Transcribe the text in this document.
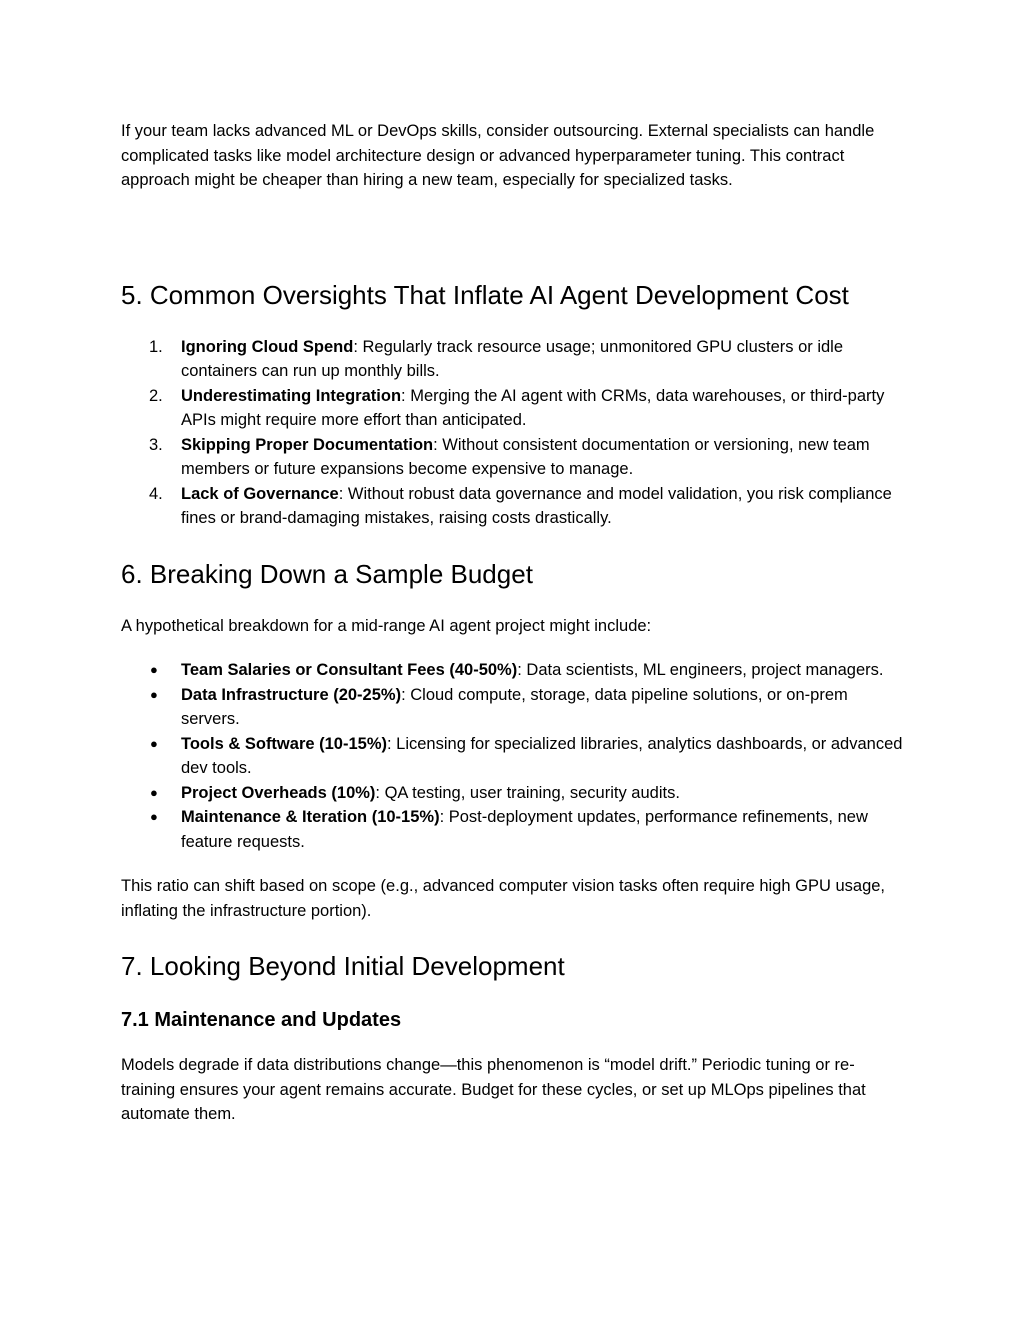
If your team lacks advanced ML or DevOps skills, consider outsourcing. External specialists can handle complicated tasks like model architecture design or advanced hyperparameter tuning. This contract approach might be cheaper than hiring a new team, especially for specialized tasks.

5. Common Oversights That Inflate AI Agent Development Cost
1. Ignoring Cloud Spend: Regularly track resource usage; unmonitored GPU clusters or idle containers can run up monthly bills.
2. Underestimating Integration: Merging the AI agent with CRMs, data warehouses, or third-party APIs might require more effort than anticipated.
3. Skipping Proper Documentation: Without consistent documentation or versioning, new team members or future expansions become expensive to manage.
4. Lack of Governance: Without robust data governance and model validation, you risk compliance fines or brand-damaging mistakes, raising costs drastically.
6. Breaking Down a Sample Budget

A hypothetical breakdown for a mid-range AI agent project might include:

● Team Salaries or Consultant Fees (40-50%): Data scientists, ML engineers, project managers.
● Data Infrastructure (20-25%): Cloud compute, storage, data pipeline solutions, or on-prem servers.
● Tools & Software (10-15%): Licensing for specialized libraries, analytics dashboards, or advanced dev tools.
● Project Overheads (10%): QA testing, user training, security audits.
● Maintenance & Iteration (10-15%): Post-deployment updates, performance refinements, new feature requests.

This ratio can shift based on scope (e.g., advanced computer vision tasks often require high GPU usage, inflating the infrastructure portion).

7. Looking Beyond Initial Development
7.1 Maintenance and Updates

Models degrade if data distributions change—this phenomenon is “model drift.” Periodic tuning or re-training ensures your agent remains accurate. Budget for these cycles, or set up MLOps pipelines that automate them.
